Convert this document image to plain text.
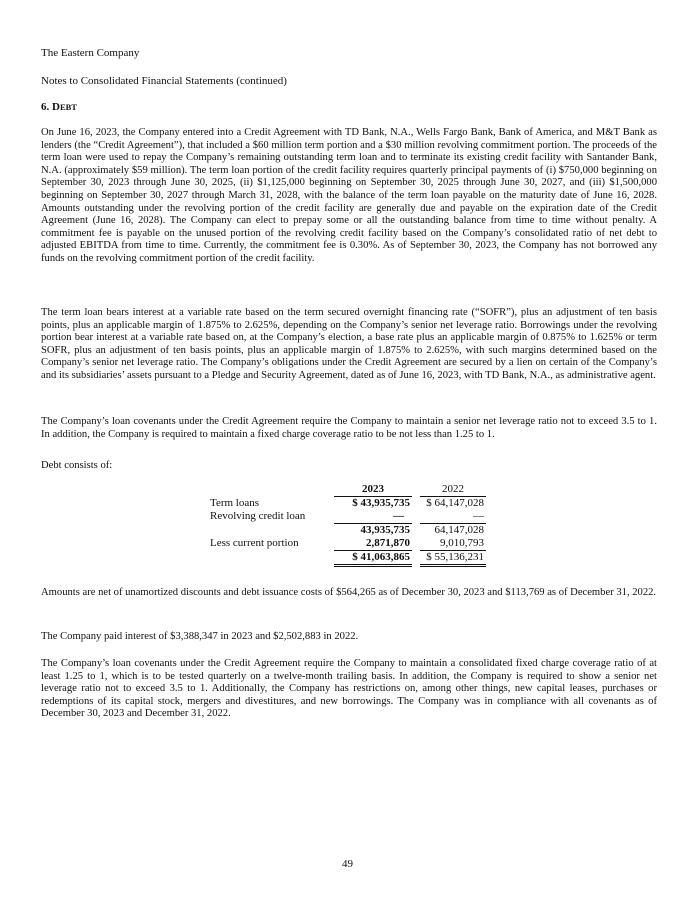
The Eastern Company
Notes to Consolidated Financial Statements (continued)
6. DEBT

On June 16, 2023, the Company entered into a Credit Agreement with TD Bank, N.A., Wells Fargo Bank, Bank of America, and M&T Bank as lenders (the “Credit Agreement”), that included a $60 million term portion and a $30 million revolving commitment portion. The proceeds of the term loan were used to repay the Company’s remaining outstanding term loan and to terminate its existing credit facility with Santander Bank, N.A. (approximately $59 million). The term loan portion of the credit facility requires quarterly principal payments of (i) $750,000 beginning on September 30, 2023 through June 30, 2025, (ii) $1,125,000 beginning on September 30, 2025 through June 30, 2027, and (iii) $1,500,000 beginning on September 30, 2027 through March 31, 2028, with the balance of the term loan payable on the maturity date of June 16, 2028. Amounts outstanding under the revolving portion of the credit facility are generally due and payable on the expiration date of the Credit Agreement (June 16, 2028). The Company can elect to prepay some or all the outstanding balance from time to time without penalty. A commitment fee is payable on the unused portion of the revolving credit facility based on the Company’s consolidated ratio of net debt to adjusted EBITDA from time to time. Currently, the commitment fee is 0.30%. As of September 30, 2023, the Company has not borrowed any funds on the revolving commitment portion of the credit facility.

The term loan bears interest at a variable rate based on the term secured overnight financing rate (“SOFR”), plus an adjustment of ten basis points, plus an applicable margin of 1.875% to 2.625%, depending on the Company’s senior net leverage ratio. Borrowings under the revolving portion bear interest at a variable rate based on, at the Company’s election, a base rate plus an applicable margin of 0.875% to 1.625% or term SOFR, plus an adjustment of ten basis points, plus an applicable margin of 1.875% to 2.625%, with such margins determined based on the Company’s senior net leverage ratio. The Company’s obligations under the Credit Agreement are secured by a lien on certain of the Company’s and its subsidiaries’ assets pursuant to a Pledge and Security Agreement, dated as of June 16, 2023, with TD Bank, N.A., as administrative agent.

The Company’s loan covenants under the Credit Agreement require the Company to maintain a senior net leverage ratio not to exceed 3.5 to 1. In addition, the Company is required to maintain a fixed charge coverage ratio to be not less than 1.25 to 1.

Debt consists of:

	2023		2022
Term loans	$ 43,935,735		$ 64,147,028
Revolving credit loan	—		—
	43,935,735		64,147,028
Less current portion	2,871,870		9,010,793
	$ 41,063,865		$ 55,136,231

Amounts are net of unamortized discounts and debt issuance costs of $564,265 as of December 30, 2023 and $113,769 as of December 31, 2022.

The Company paid interest of $3,388,347 in 2023 and $2,502,883 in 2022.

The Company’s loan covenants under the Credit Agreement require the Company to maintain a consolidated fixed charge coverage ratio of at least 1.25 to 1, which is to be tested quarterly on a twelve-month trailing basis. In addition, the Company is required to show a senior net leverage ratio not to exceed 3.5 to 1. Additionally, the Company has restrictions on, among other things, new capital leases, purchases or redemptions of its capital stock, mergers and divestitures, and new borrowings. The Company was in compliance with all covenants as of December 30, 2023 and December 31, 2022.

49
